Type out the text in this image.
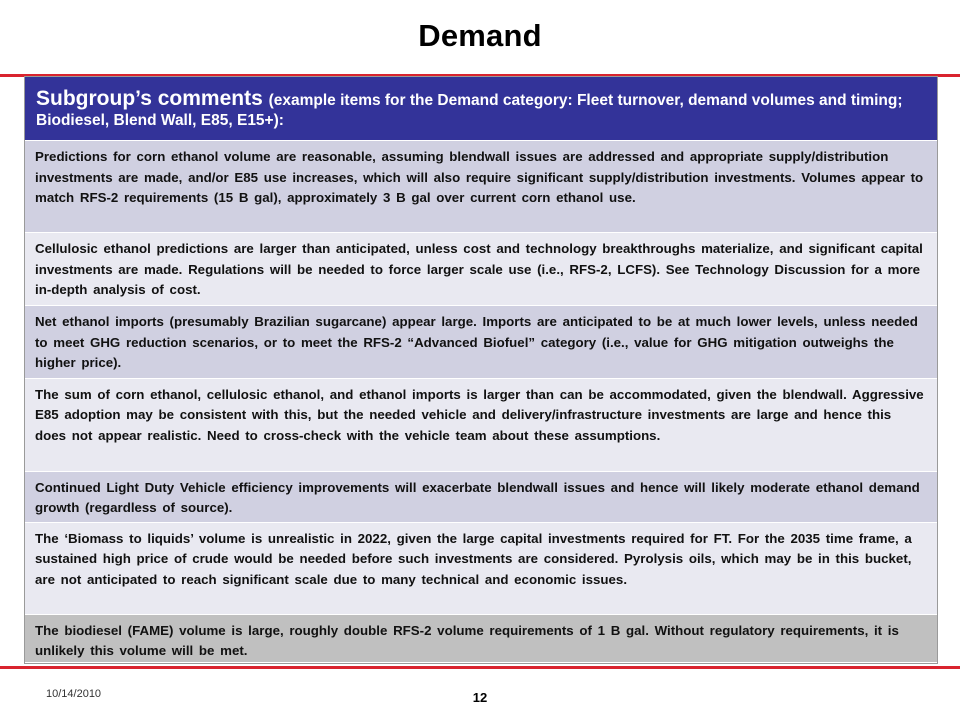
Demand
Subgroup’s comments (example items for the Demand category: Fleet turnover, demand volumes and timing; Biodiesel, Blend Wall, E85, E15+):
Predictions for corn ethanol volume are reasonable, assuming blendwall issues are addressed and appropriate supply/distribution investments are made, and/or E85 use increases, which will also require significant supply/distribution investments. Volumes appear to match RFS-2 requirements (15 B gal), approximately 3 B gal over current corn ethanol use.
Cellulosic ethanol predictions are larger than anticipated, unless cost and technology breakthroughs materialize, and significant capital investments are made. Regulations will be needed to force larger scale use (i.e., RFS-2, LCFS). See Technology Discussion for a more in-depth analysis of cost.
Net ethanol imports (presumably Brazilian sugarcane) appear large. Imports are anticipated to be at much lower levels, unless needed to meet GHG reduction scenarios, or to meet the RFS-2 “Advanced Biofuel” category (i.e., value for GHG mitigation outweighs the higher price).
The sum of corn ethanol, cellulosic ethanol, and ethanol imports is larger than can be accommodated, given the blendwall. Aggressive E85 adoption may be consistent with this, but the needed vehicle and delivery/infrastructure investments are large and hence this does not appear realistic. Need to cross-check with the vehicle team about these assumptions.
Continued Light Duty Vehicle efficiency improvements will exacerbate blendwall issues and hence will likely moderate ethanol demand growth (regardless of source).
The ‘Biomass to liquids’ volume is unrealistic in 2022, given the large capital investments required for FT. For the 2035 time frame, a sustained high price of crude would be needed before such investments are considered. Pyrolysis oils, which may be in this bucket, are not anticipated to reach significant scale due to many technical and economic issues.
The biodiesel (FAME) volume is large, roughly double RFS-2 volume requirements of 1 B gal. Without regulatory requirements, it is unlikely this volume will be met.
10/14/2010	12
